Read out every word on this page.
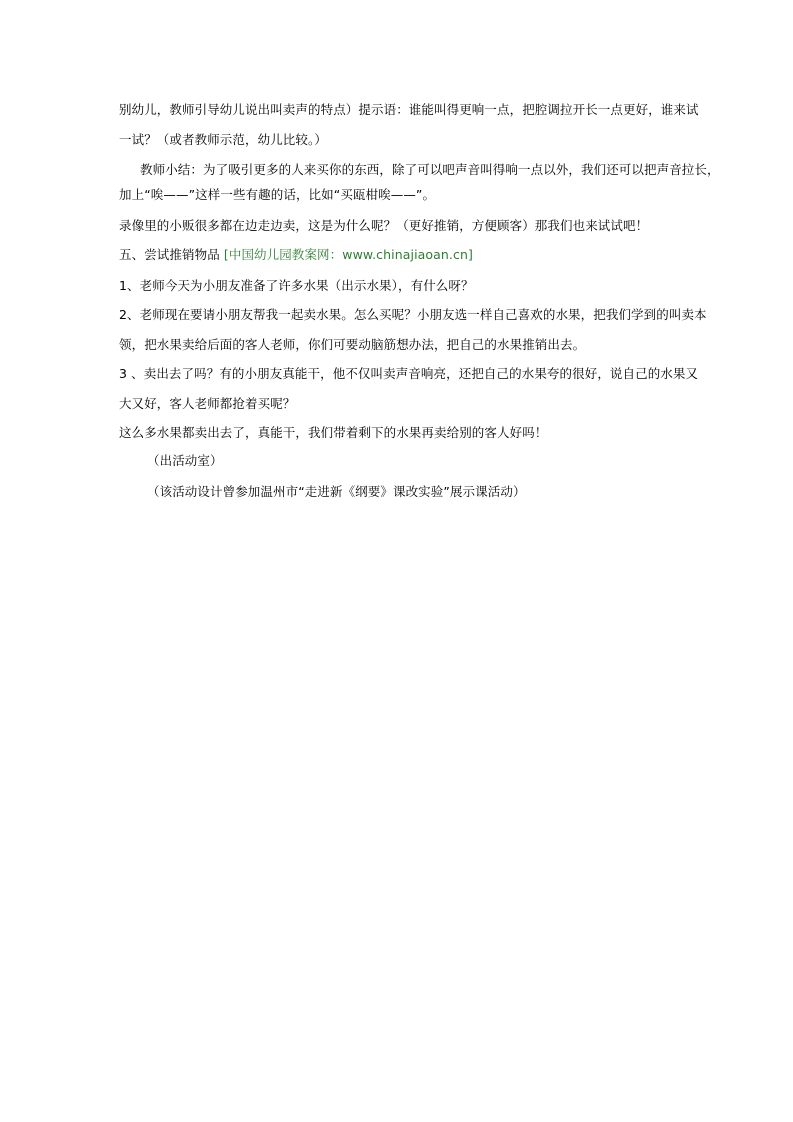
别幼儿，教师引导幼儿说出叫卖声的特点）提示语：谁能叫得更响一点，把腔调拉开长一点更好，谁来试
一试？（或者教师示范，幼儿比较。）
教师小结：为了吸引更多的人来买你的东西，除了可以吧声音叫得响一点以外，我们还可以把声音拉长，
加上“唉——”这样一些有趣的话，比如“买瓯柑唉——”。
录像里的小贩很多都在边走边卖，这是为什么呢？（更好推销，方便顾客）那我们也来试试吧！
五、尝试推销物品 [中国幼儿园教案网：www.chinajiaoan.cn]
1、老师今天为小朋友准备了许多水果（出示水果），有什么呀？
2、老师现在要请小朋友帮我一起卖水果。怎么买呢？小朋友选一样自己喜欢的水果，把我们学到的叫卖本
领，把水果卖给后面的客人老师，你们可要动脑筋想办法，把自己的水果推销出去。
3 、卖出去了吗？有的小朋友真能干，他不仅叫卖声音响亮，还把自己的水果夸的很好，说自己的水果又
大又好，客人老师都抢着买呢？
这么多水果都卖出去了，真能干，我们带着剩下的水果再卖给别的客人好吗！
（出活动室）
（该活动设计曾参加温州市“走进新《纲要》课改实验”展示课活动）
